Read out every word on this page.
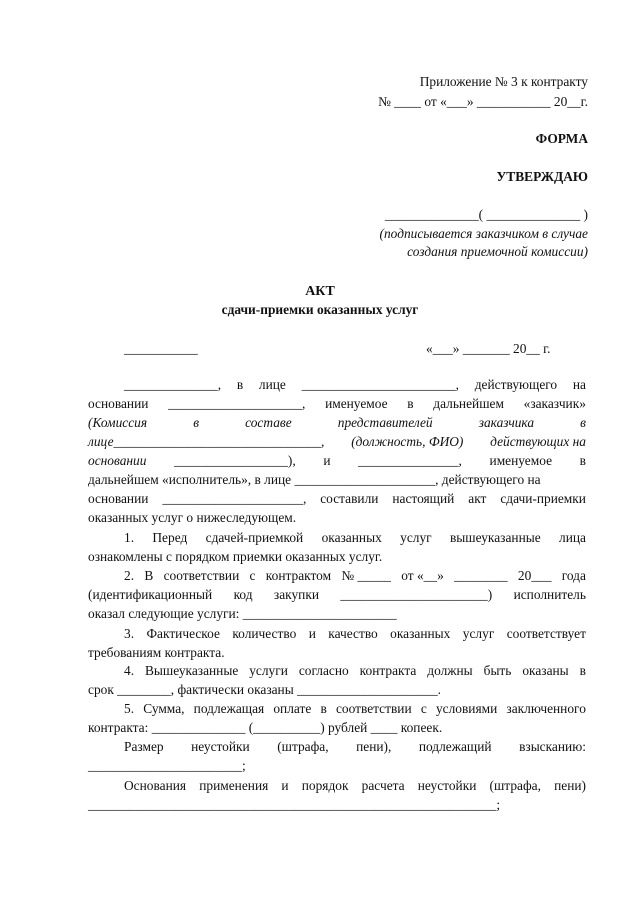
Приложение № 3 к контракту
№ ____ от «___» ___________ 20__г.
ФОРМА
УТВЕРЖДАЮ
______________( ______________ )
(подписывается заказчиком в случае
создания приемочной комиссии)
АКТ
сдачи-приемки оказанных услуг
___________	«___» _______ 20__ г.
______________, в лице _______________________, действующего на
основании ____________________, именуемое в дальнейшем «заказчик»
(Комиссия	в	составе	представителей	заказчика	в
лице_______________________________, (должность, ФИО) действующих на
основании _________________), и _______________, именуемое в
дальнейшем «исполнитель», в лице _____________________, действующего на
основании _____________________, составили настоящий акт сдачи-приемки
оказанных услуг о нижеследующем.
1. Перед сдачей-приемкой оказанных услуг вышеуказанные лица
ознакомлены с порядком приемки оказанных услуг.
2. В соответствии с контрактом № _____ от «__» ________ 20___ года
(идентификационный код закупки ______________________) исполнитель
оказал следующие услуги: _______________________
3. Фактическое количество и качество оказанных услуг соответствует
требованиям контракта.
4. Вышеуказанные услуги согласно контракта должны быть оказаны в
срок ________, фактически оказаны _____________________.
5. Сумма, подлежащая оплате в соответствии с условиями заключенного
контракта: ______________ (__________) рублей ____ копеек.
Размер неустойки (штрафа, пени), подлежащий взысканию:
_______________________;
Основания применения и порядок расчета неустойки (штрафа, пени)
_____________________________________________________________;
